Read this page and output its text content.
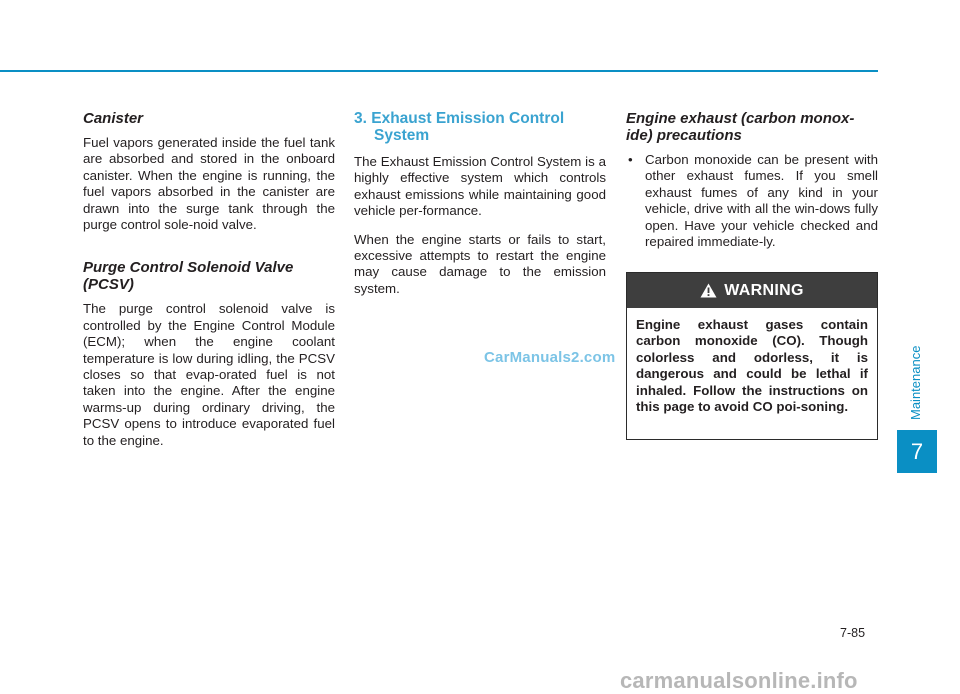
Canister

Fuel vapors generated inside the fuel tank are absorbed and stored in the onboard canister. When the engine is running, the fuel vapors absorbed in the canister are drawn into the surge tank through the purge control sole-noid valve.

Purge Control Solenoid Valve (PCSV)

The purge control solenoid valve is controlled by the Engine Control Module (ECM); when the engine coolant temperature is low during idling, the PCSV closes so that evap-orated fuel is not taken into the engine. After the engine warms-up during ordinary driving, the PCSV opens to introduce evaporated fuel to the engine.

3. Exhaust Emission Control System

The Exhaust Emission Control System is a highly effective system which controls exhaust emissions while maintaining good vehicle per-formance.

When the engine starts or fails to start, excessive attempts to restart the engine may cause damage to the emission system.

Engine exhaust (carbon monox-ide) precautions
• Carbon monoxide can be present with other exhaust fumes. If you smell exhaust fumes of any kind in your vehicle, drive with all the win-dows fully open. Have your vehicle checked and repaired immediate-ly.
WARNING
Engine exhaust gases contain carbon monoxide (CO). Though colorless and odorless, it is dangerous and could be lethal if inhaled. Follow the instructions on this page to avoid CO poi-soning.
CarManuals2.com	Maintenance
7
7-85
carmanualsonline.info
